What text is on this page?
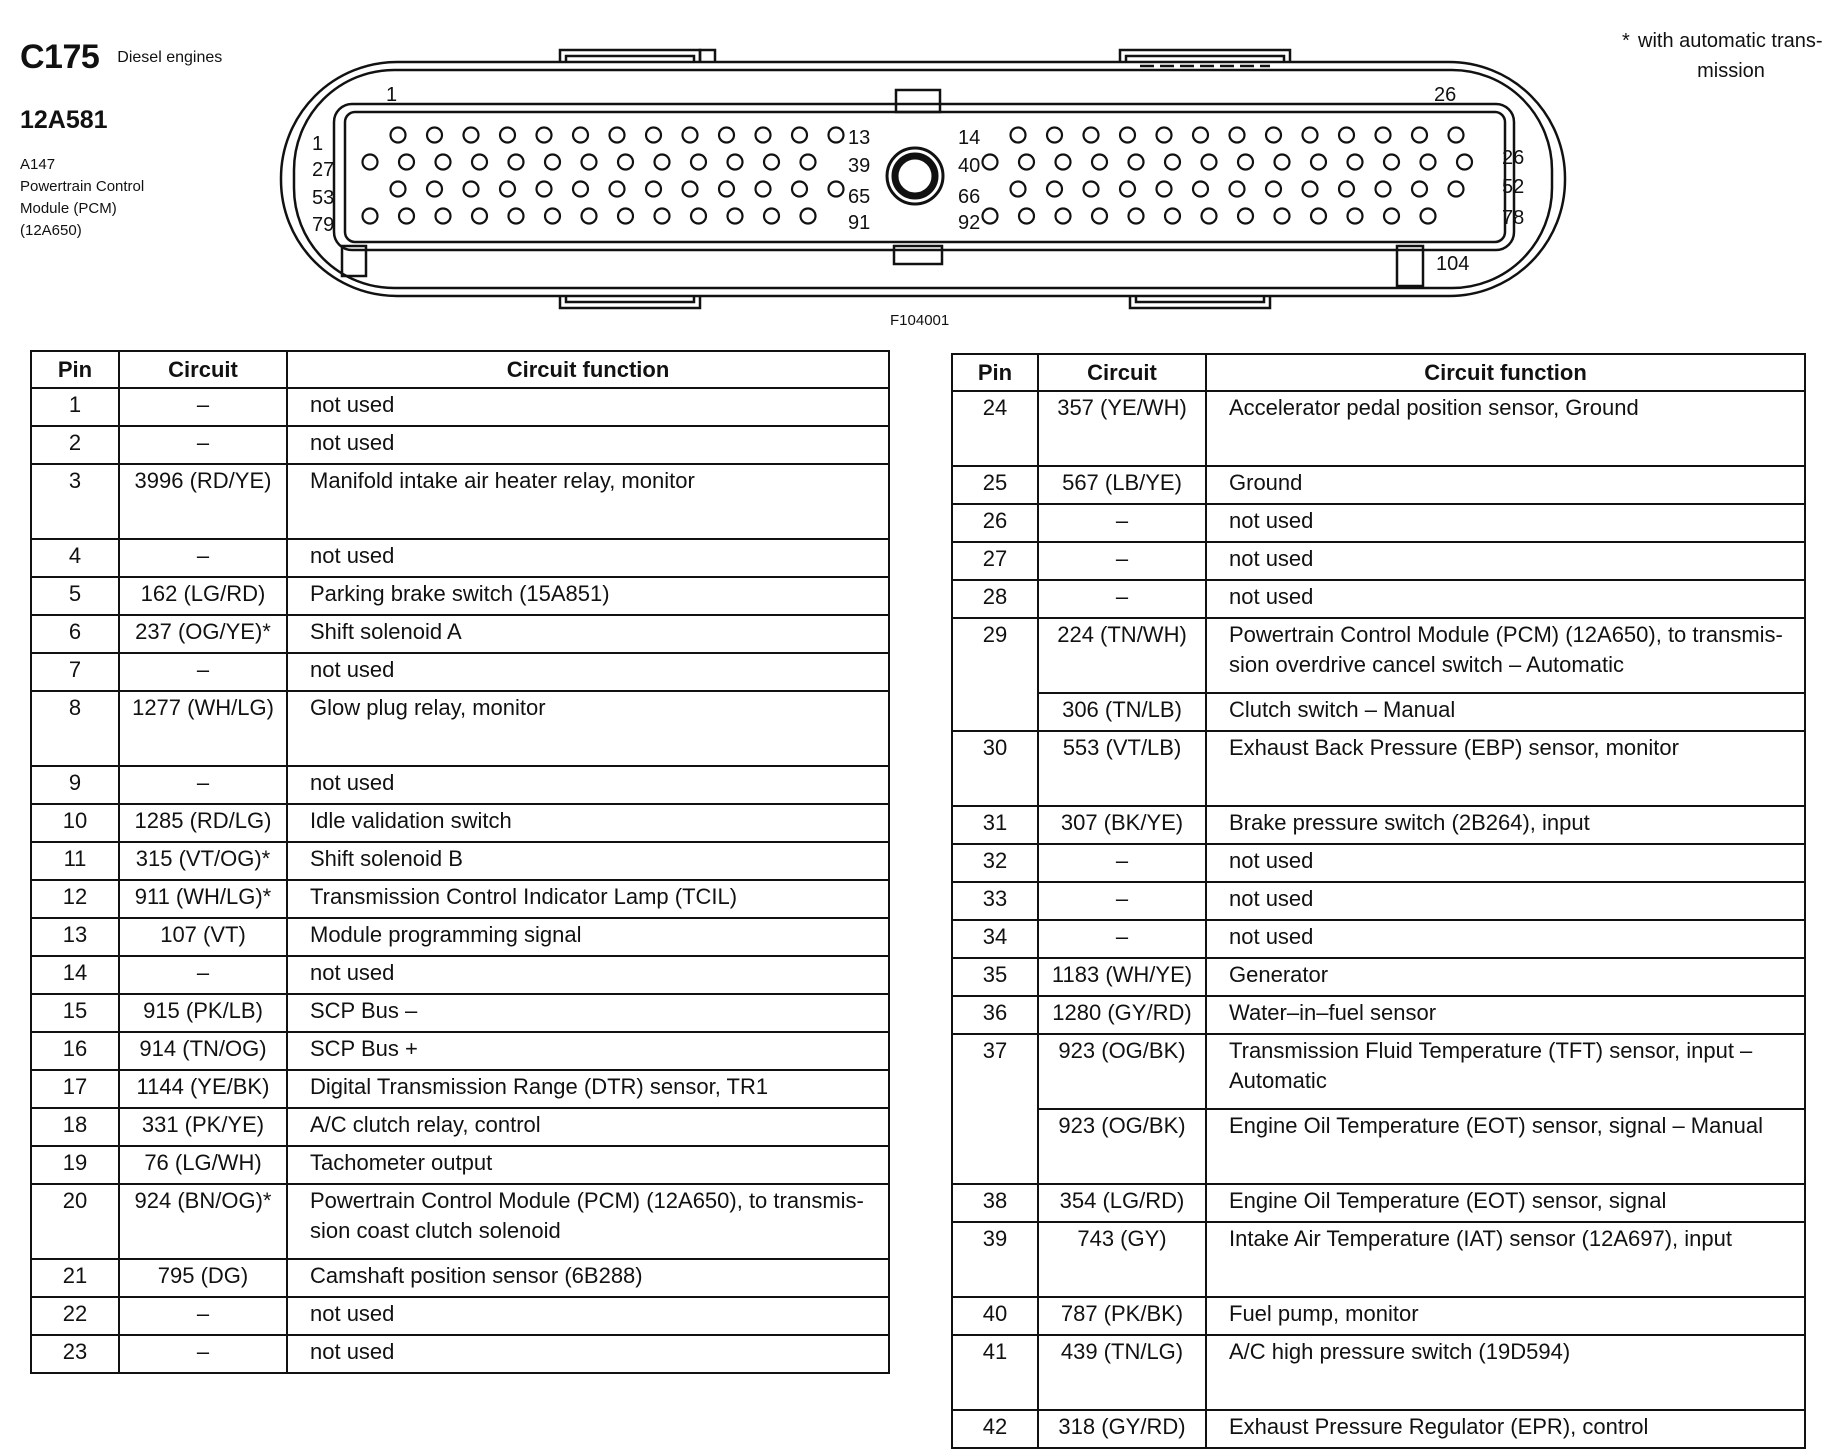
C175 Diesel engines
12A581
A147
Powertrain Control
Module (PCM)
(12A650)
* with automatic trans-
mission
1	26
104
1
27
53
79
13
39
65
91
14
40
66
92
26
52
78
F104001
Pin	Circuit	Circuit function
1	–	not used
2	–	not used
3	3996 (RD/YE)	Manifold intake air heater relay, monitor
4	–	not used
5	162 (LG/RD)	Parking brake switch (15A851)
6	237 (OG/YE)*	Shift solenoid A
7	–	not used
8	1277 (WH/LG)	Glow plug relay, monitor
9	–	not used
10	1285 (RD/LG)	Idle validation switch
11	315 (VT/OG)*	Shift solenoid B
12	911 (WH/LG)*	Transmission Control Indicator Lamp (TCIL)
13	107 (VT)	Module programming signal
14	–	not used
15	915 (PK/LB)	SCP Bus –
16	914 (TN/OG)	SCP Bus +
17	1144 (YE/BK)	Digital Transmission Range (DTR) sensor, TR1
18	331 (PK/YE)	A/C clutch relay, control
19	76 (LG/WH)	Tachometer output
20	924 (BN/OG)*	Powertrain Control Module (PCM) (12A650), to transmis-sion coast clutch solenoid
21	795 (DG)	Camshaft position sensor (6B288)
22	–	not used
23	–	not used
Pin	Circuit	Circuit function
24	357 (YE/WH)	Accelerator pedal position sensor, Ground
25	567 (LB/YE)	Ground
26	–	not used
27	–	not used
28	–	not used
29	224 (TN/WH)	Powertrain Control Module (PCM) (12A650), to transmis-sion overdrive cancel switch – Automatic
	306 (TN/LB)	Clutch switch – Manual
30	553 (VT/LB)	Exhaust Back Pressure (EBP) sensor, monitor
31	307 (BK/YE)	Brake pressure switch (2B264), input
32	–	not used
33	–	not used
34	–	not used
35	1183 (WH/YE)	Generator
36	1280 (GY/RD)	Water–in–fuel sensor
37	923 (OG/BK)	Transmission Fluid Temperature (TFT) sensor, input – Automatic
	923 (OG/BK)	Engine Oil Temperature (EOT) sensor, signal – Manual
38	354 (LG/RD)	Engine Oil Temperature (EOT) sensor, signal
39	743 (GY)	Intake Air Temperature (IAT) sensor (12A697), input
40	787 (PK/BK)	Fuel pump, monitor
41	439 (TN/LG)	A/C high pressure switch (19D594)
42	318 (GY/RD)	Exhaust Pressure Regulator (EPR), control
